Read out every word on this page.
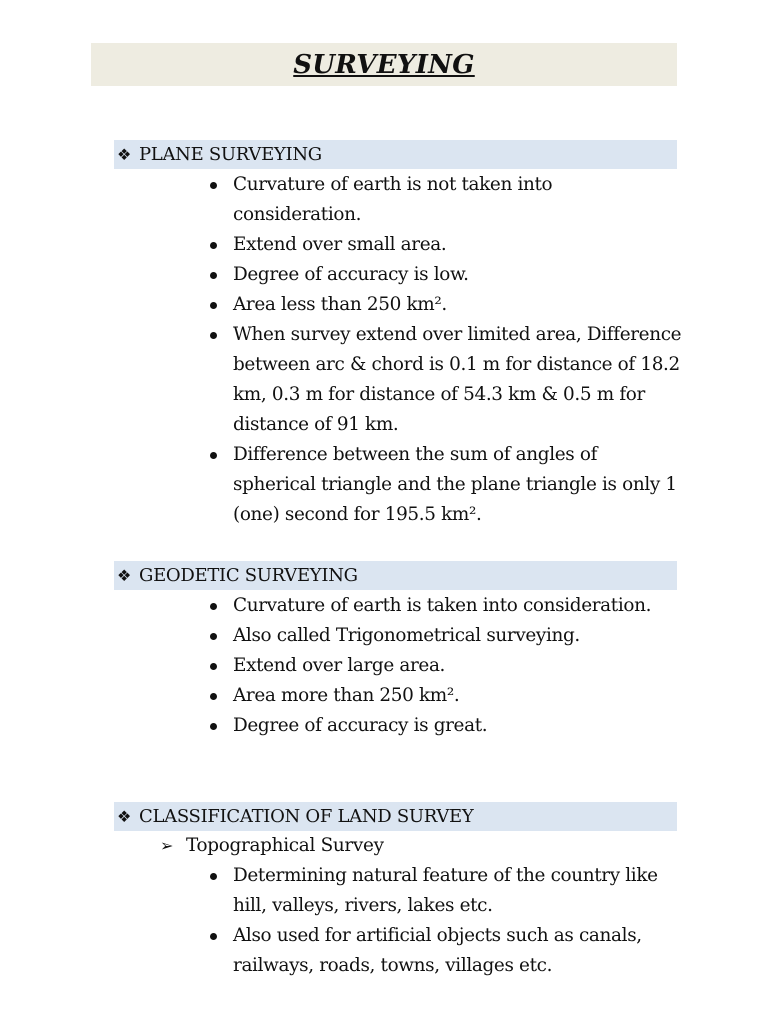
SURVEYING
❖ PLANE SURVEYING
Curvature of earth is not taken into consideration.
Extend over small area.
Degree of accuracy is low.
Area less than 250 km².
When survey extend over limited area, Difference between arc & chord is 0.1 m for distance of 18.2 km, 0.3 m for distance of 54.3 km & 0.5 m for distance of 91 km.
Difference between the sum of angles of spherical triangle and the plane triangle is only 1 (one) second for 195.5 km².
❖ GEODETIC SURVEYING
Curvature of earth is taken into consideration.
Also called Trigonometrical surveying.
Extend over large area.
Area more than 250 km².
Degree of accuracy is great.
❖ CLASSIFICATION OF LAND SURVEY
➢ Topographical Survey
Determining natural feature of the country like hill, valleys, rivers, lakes etc.
Also used for artificial objects such as canals, railways, roads, towns, villages etc.
